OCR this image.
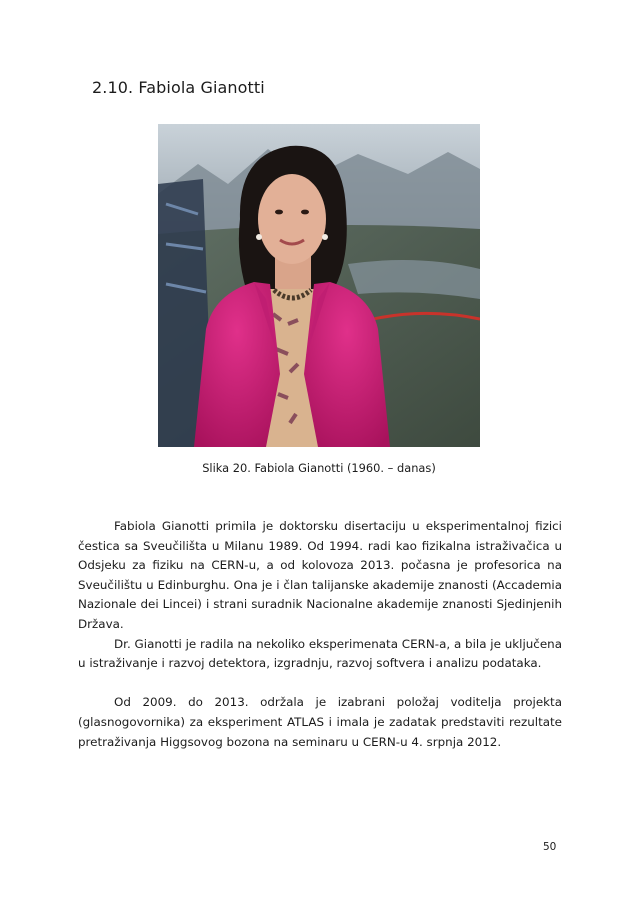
2.10. Fabiola Gianotti
Slika 20. Fabiola Gianotti (1960. – danas)

Fabiola Gianotti primila je doktorsku disertaciju u eksperimentalnoj fizici čestica sa Sveučilišta u Milanu 1989. Od 1994. radi kao fizikalna istraživačica u Odsjeku za fiziku na CERN-u, a od kolovoza 2013. počasna je profesorica na Sveučilištu u Edinburghu. Ona je i član talijanske akademije znanosti (Accademia Nazionale dei Lincei) i strani suradnik Nacionalne akademije znanosti Sjedinjenih Država.

Dr. Gianotti je radila na nekoliko eksperimenata CERN-a, a bila je uključena u istraživanje i razvoj detektora, izgradnju, razvoj softvera i analizu podataka.

Od 2009. do 2013. održala je izabrani položaj voditelja projekta (glasnogovornika) za eksperiment ATLAS i imala je zadatak predstaviti rezultate pretraživanja Higgsovog bozona na seminaru u CERN-u 4. srpnja 2012.

50
